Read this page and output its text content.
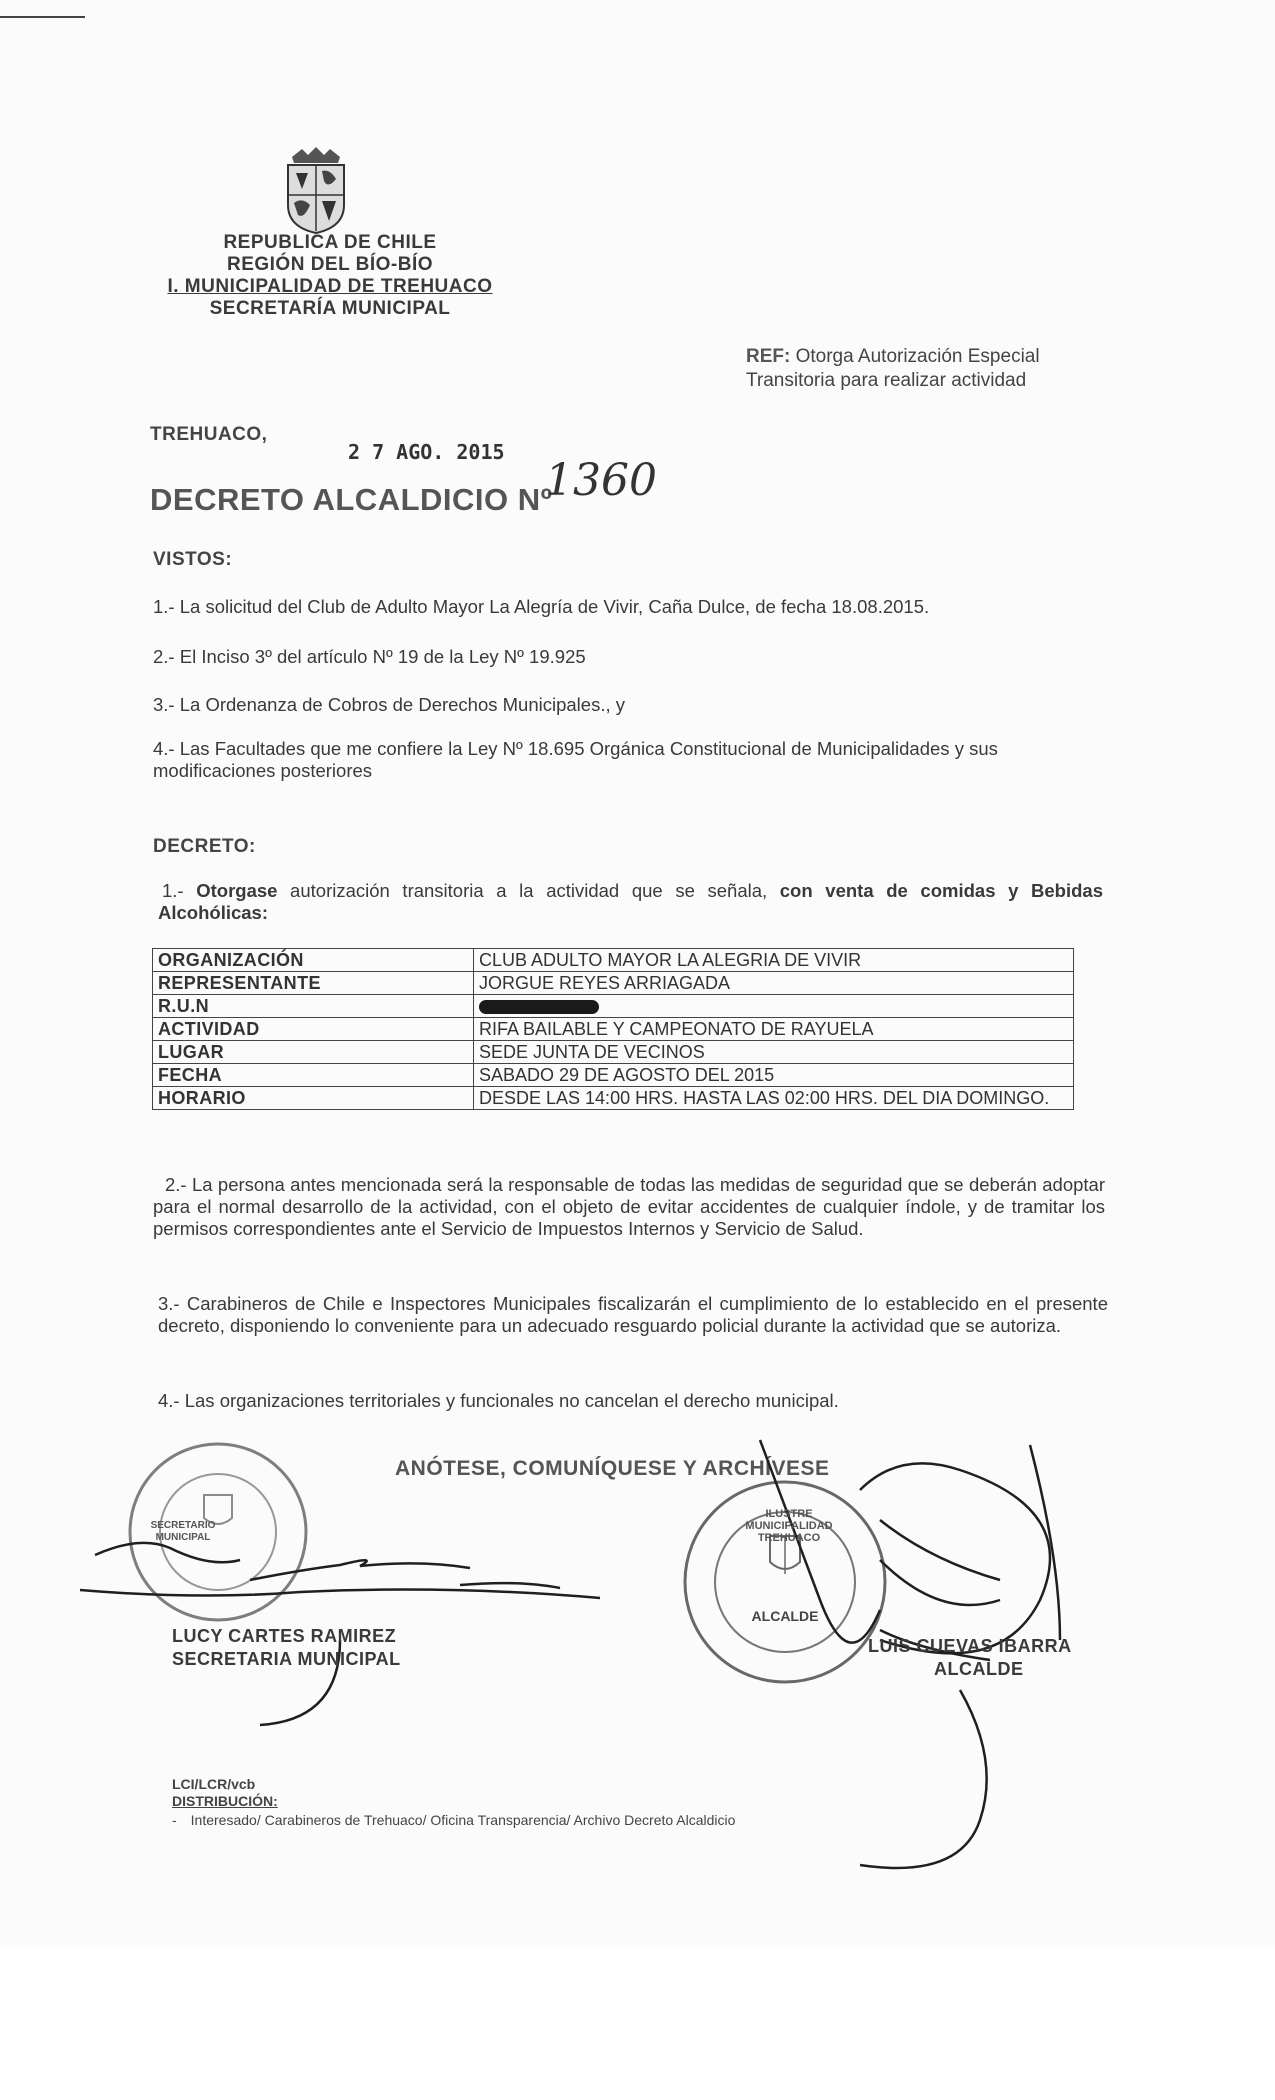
REPUBLICA DE CHILE
REGIÓN DEL BÍO-BÍO
I. MUNICIPALIDAD DE TREHUACO
SECRETARÍA MUNICIPAL
REF: Otorga Autorización Especial
Transitoria para realizar actividad
TREHUACO,
2 7 AGO. 2015
DECRETO ALCALDICIO Nº
1360
VISTOS:
1.- La solicitud del Club de Adulto Mayor La Alegría de Vivir, Caña Dulce, de fecha 18.08.2015.
2.- El Inciso 3º del artículo Nº 19 de la Ley Nº 19.925
3.- La Ordenanza de Cobros de Derechos Municipales., y
4.- Las Facultades que me confiere la Ley Nº 18.695 Orgánica Constitucional de Municipalidades y sus modificaciones posteriores
DECRETO:
1.- Otorgase autorización transitoria a la actividad que se señala, con venta de comidas y Bebidas Alcohólicas:
ORGANIZACIÓN	CLUB ADULTO MAYOR LA ALEGRIA DE VIVIR
REPRESENTANTE	JORGUE REYES ARRIAGADA
R.U.N	
ACTIVIDAD	RIFA BAILABLE Y CAMPEONATO DE RAYUELA
LUGAR	SEDE JUNTA DE VECINOS
FECHA	SABADO 29 DE AGOSTO DEL 2015
HORARIO	DESDE LAS 14:00 HRS. HASTA LAS 02:00 HRS. DEL DIA DOMINGO.
2.- La persona antes mencionada será la responsable de todas las medidas de seguridad que se deberán adoptar para el normal desarrollo de la actividad, con el objeto de evitar accidentes de cualquier índole, y de tramitar los permisos correspondientes ante el Servicio de Impuestos Internos y Servicio de Salud.
3.- Carabineros de Chile e Inspectores Municipales fiscalizarán el cumplimiento de lo establecido en el presente decreto, disponiendo lo conveniente para un adecuado resguardo policial durante la actividad que se autoriza.
4.- Las organizaciones territoriales y funcionales no cancelan el derecho municipal.
ANÓTESE, COMUNÍQUESE Y ARCHÍVESE
SECRETARIO MUNICIPAL
ILUSTRE MUNICIPALIDAD TREHUACO
ALCALDE
LUCY CARTES RAMIREZ
SECRETARIA MUNICIPAL
LUIS CUEVAS IBARRA
ALCALDE
LCI/LCR/vcb
DISTRIBUCIÓN:
- Interesado/ Carabineros de Trehuaco/ Oficina Transparencia/ Archivo Decreto Alcaldicio
